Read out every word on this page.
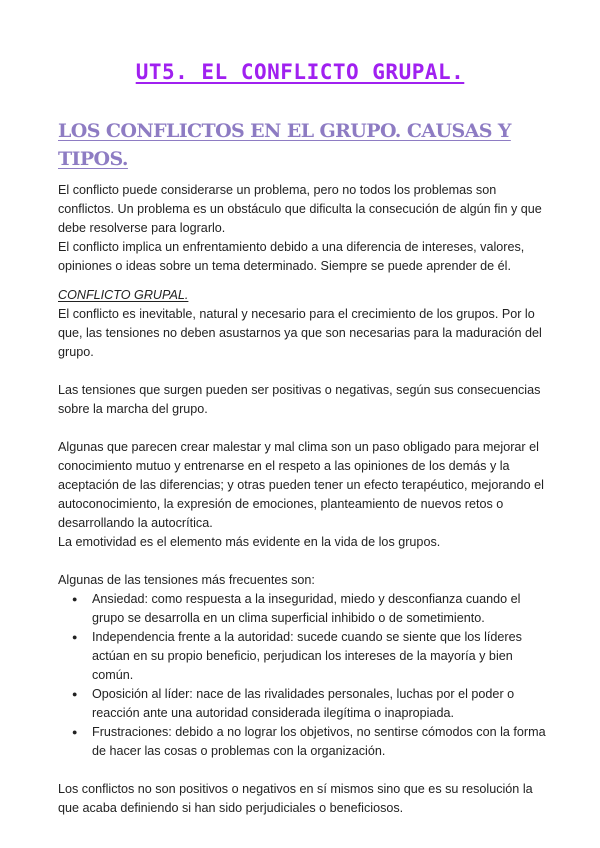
UT5. EL CONFLICTO GRUPAL.
LOS CONFLICTOS EN EL GRUPO. CAUSAS Y TIPOS.

El conflicto puede considerarse un problema, pero no todos los problemas son conflictos. Un problema es un obstáculo que dificulta la consecución de algún fin y que debe resolverse para lograrlo.

El conflicto implica un enfrentamiento debido a una diferencia de intereses, valores, opiniones o ideas sobre un tema determinado. Siempre se puede aprender de él.

CONFLICTO GRUPAL.

El conflicto es inevitable, natural y necesario para el crecimiento de los grupos. Por lo que, las tensiones no deben asustarnos ya que son necesarias para la maduración del grupo.

Las tensiones que surgen pueden ser positivas o negativas, según sus consecuencias sobre la marcha del grupo.

Algunas que parecen crear malestar y mal clima son un paso obligado para mejorar el conocimiento mutuo y entrenarse en el respeto a las opiniones de los demás y la aceptación de las diferencias; y otras pueden tener un efecto terapéutico, mejorando el autoconocimiento, la expresión de emociones, planteamiento de nuevos retos o desarrollando la autocrítica.

La emotividad es el elemento más evidente en la vida de los grupos.

Algunas de las tensiones más frecuentes son:

● Ansiedad: como respuesta a la inseguridad, miedo y desconfianza cuando el grupo se desarrolla en un clima superficial inhibido o de sometimiento.
● Independencia frente a la autoridad: sucede cuando se siente que los líderes actúan en su propio beneficio, perjudican los intereses de la mayoría y bien común.
● Oposición al líder: nace de las rivalidades personales, luchas por el poder o reacción ante una autoridad considerada ilegítima o inapropiada.
● Frustraciones: debido a no lograr los objetivos, no sentirse cómodos con la forma de hacer las cosas o problemas con la organización.

Los conflictos no son positivos o negativos en sí mismos sino que es su resolución la que acaba definiendo si han sido perjudiciales o beneficiosos.
